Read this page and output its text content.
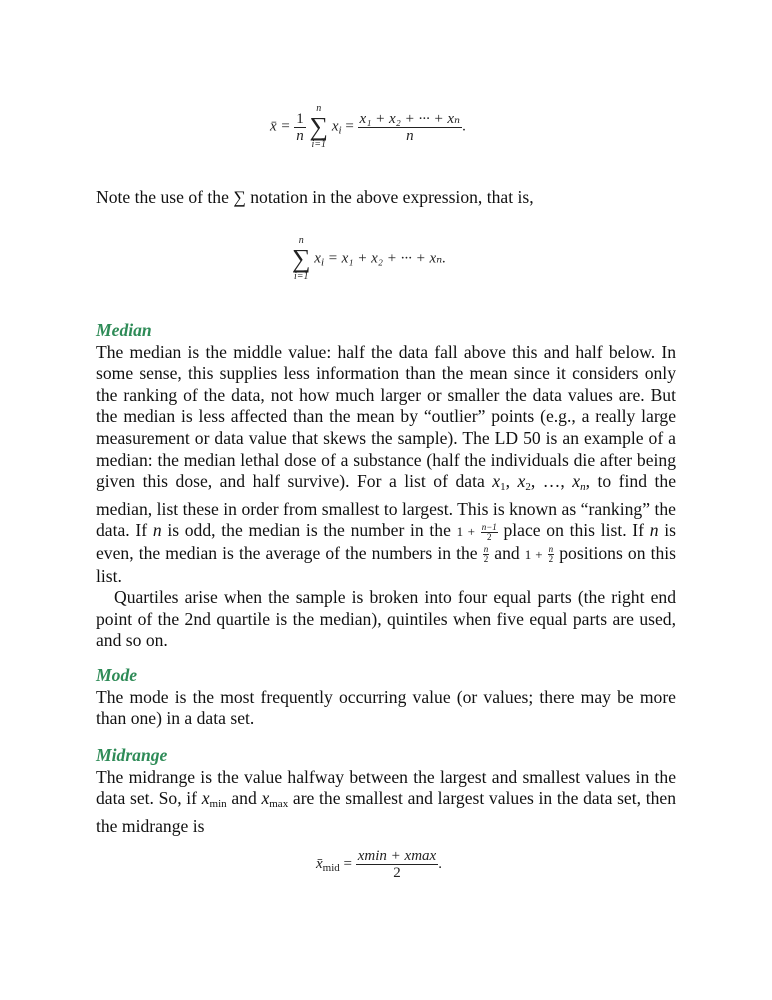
x̄ = $\frac{1}{n}$

n
∑
i=1
$x_i = \frac{\text{x₁ + x₂ + ··· + xₙ}}{n}$ .

Note the use of the ∑ notation in the above expression, that is,

n
∑
i=1
$x_i = x_1 + x_2$ + ··· + xₙ.
Median

The median is the middle value: half the data fall above this and half below. In some sense, this supplies less information than the mean since it considers only the ranking of the data, not how much larger or smaller the data values are. But the median is less affected than the mean by “outlier” points (e.g., a really large measurement or data value that skews the sample). The LD 50 is an example of a median: the median lethal dose of a substance (half the individuals die after being given this dose, and half survive). For a list of data $x_1$, $x_2$, …, $x_n$, to find the median, list these in order from smallest to largest. This is known as “ranking” the data. If n is odd, the median is the number in the $1 + \frac{n-1}{2}$ place on this list. If n is even, the median is the average of the numbers in the $\frac{n}{2}$ and $1 + \frac{n}{2}$ positions on this list.

Quartiles arise when the sample is broken into four equal parts (the right end point of the 2nd quartile is the median), quintiles when five equal parts are used, and so on.

Mode

The mode is the most frequently occurring value (or values; there may be more than one) in a data set.

Midrange

The midrange is the value halfway between the largest and smallest values in the data set. So, if $x_{min}$ and $x_{max}$ are the smallest and largest values in the data set, then the midrange is

$x̄_{mid} = \frac{xmin + xmax}{2}$ .
